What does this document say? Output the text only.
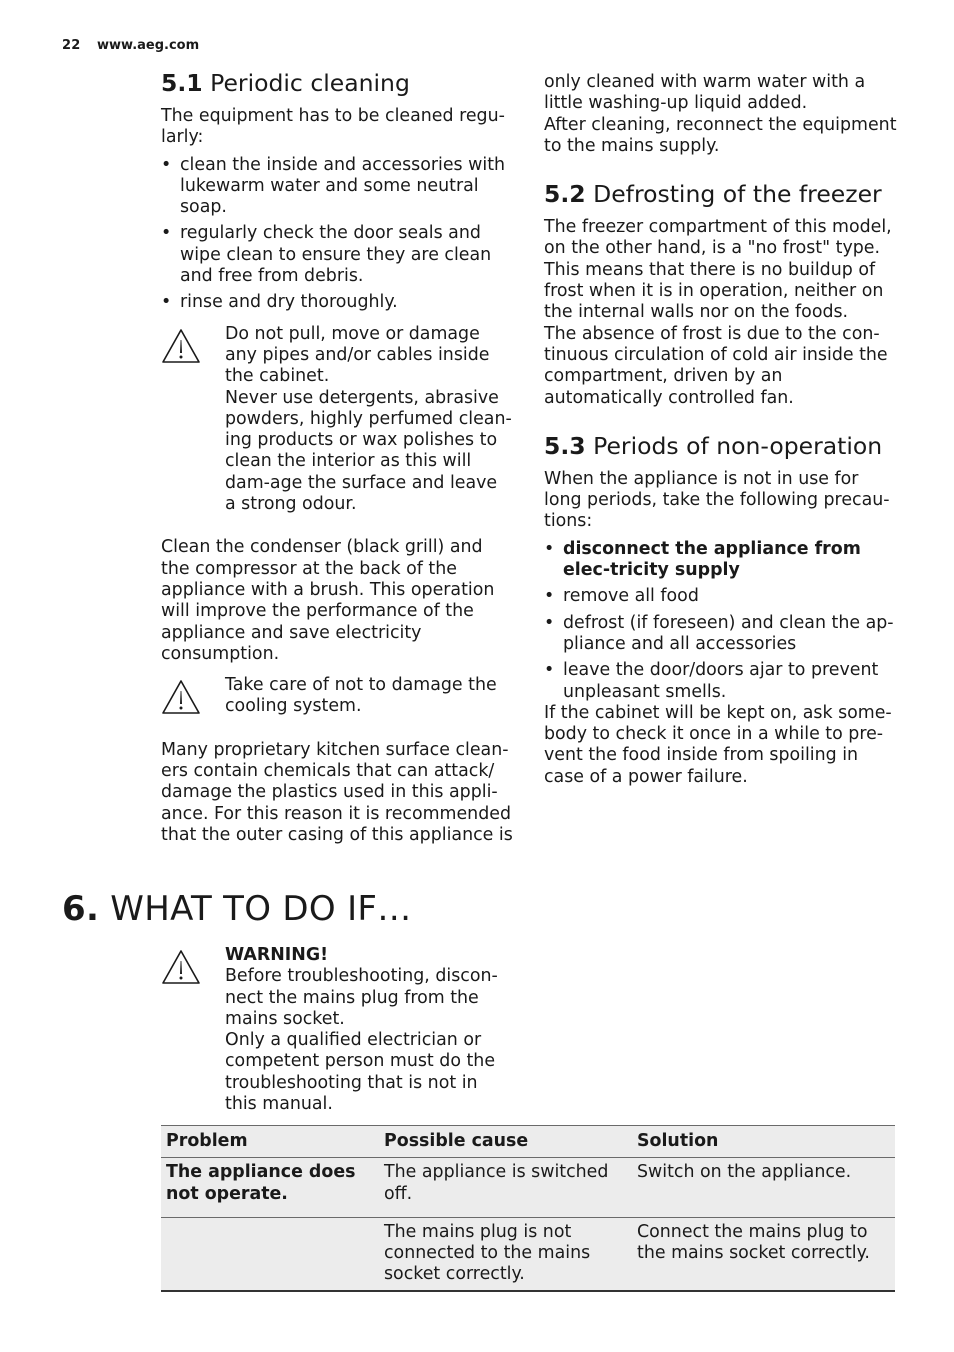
22 www.aeg.com
5.1 Periodic cleaning

The equipment has to be cleaned regu-larly:

• clean the inside and accessories with lukewarm water and some neutral soap.
• regularly check the door seals and wipe clean to ensure they are clean and free from debris.
• rinse and dry thoroughly.

Do not pull, move or damage any pipes and/or cables inside the cabinet.

Never use detergents, abrasive powders, highly perfumed clean-ing products or wax polishes to clean the interior as this will dam-age the surface and leave a strong odour.

Clean the condenser (black grill) and the compressor at the back of the appliance with a brush. This operation will improve the performance of the appliance and save electricity consumption.

Take care of not to damage the cooling system.

Many proprietary kitchen surface clean-ers contain chemicals that can attack/ damage the plastics used in this appli-ance. For this reason it is recommended that the outer casing of this appliance is

only cleaned with warm water with a little washing-up liquid added.

After cleaning, reconnect the equipment to the mains supply.

5.2 Defrosting of the freezer

The freezer compartment of this model, on the other hand, is a "no frost" type. This means that there is no buildup of frost when it is in operation, neither on the internal walls nor on the foods.

The absence of frost is due to the con-tinuous circulation of cold air inside the compartment, driven by an automatically controlled fan.

5.3 Periods of non-operation

When the appliance is not in use for long periods, take the following precau-tions:

• disconnect the appliance from elec-tricity supply
• remove all food
• defrost (if foreseen) and clean the ap-pliance and all accessories
• leave the door/doors ajar to prevent unpleasant smells.

If the cabinet will be kept on, ask some-body to check it once in a while to pre-vent the food inside from spoiling in case of a power failure.

6. WHAT TO DO IF…

WARNING!

Before troubleshooting, discon-nect the mains plug from the mains socket.

Only a qualified electrician or competent person must do the troubleshooting that is not in this manual.

Problem	Possible cause	Solution
The appliance does not operate.	The appliance is switched off.	Switch on the appliance.
	The mains plug is not connected to the mains socket correctly.	Connect the mains plug to the mains socket correctly.
